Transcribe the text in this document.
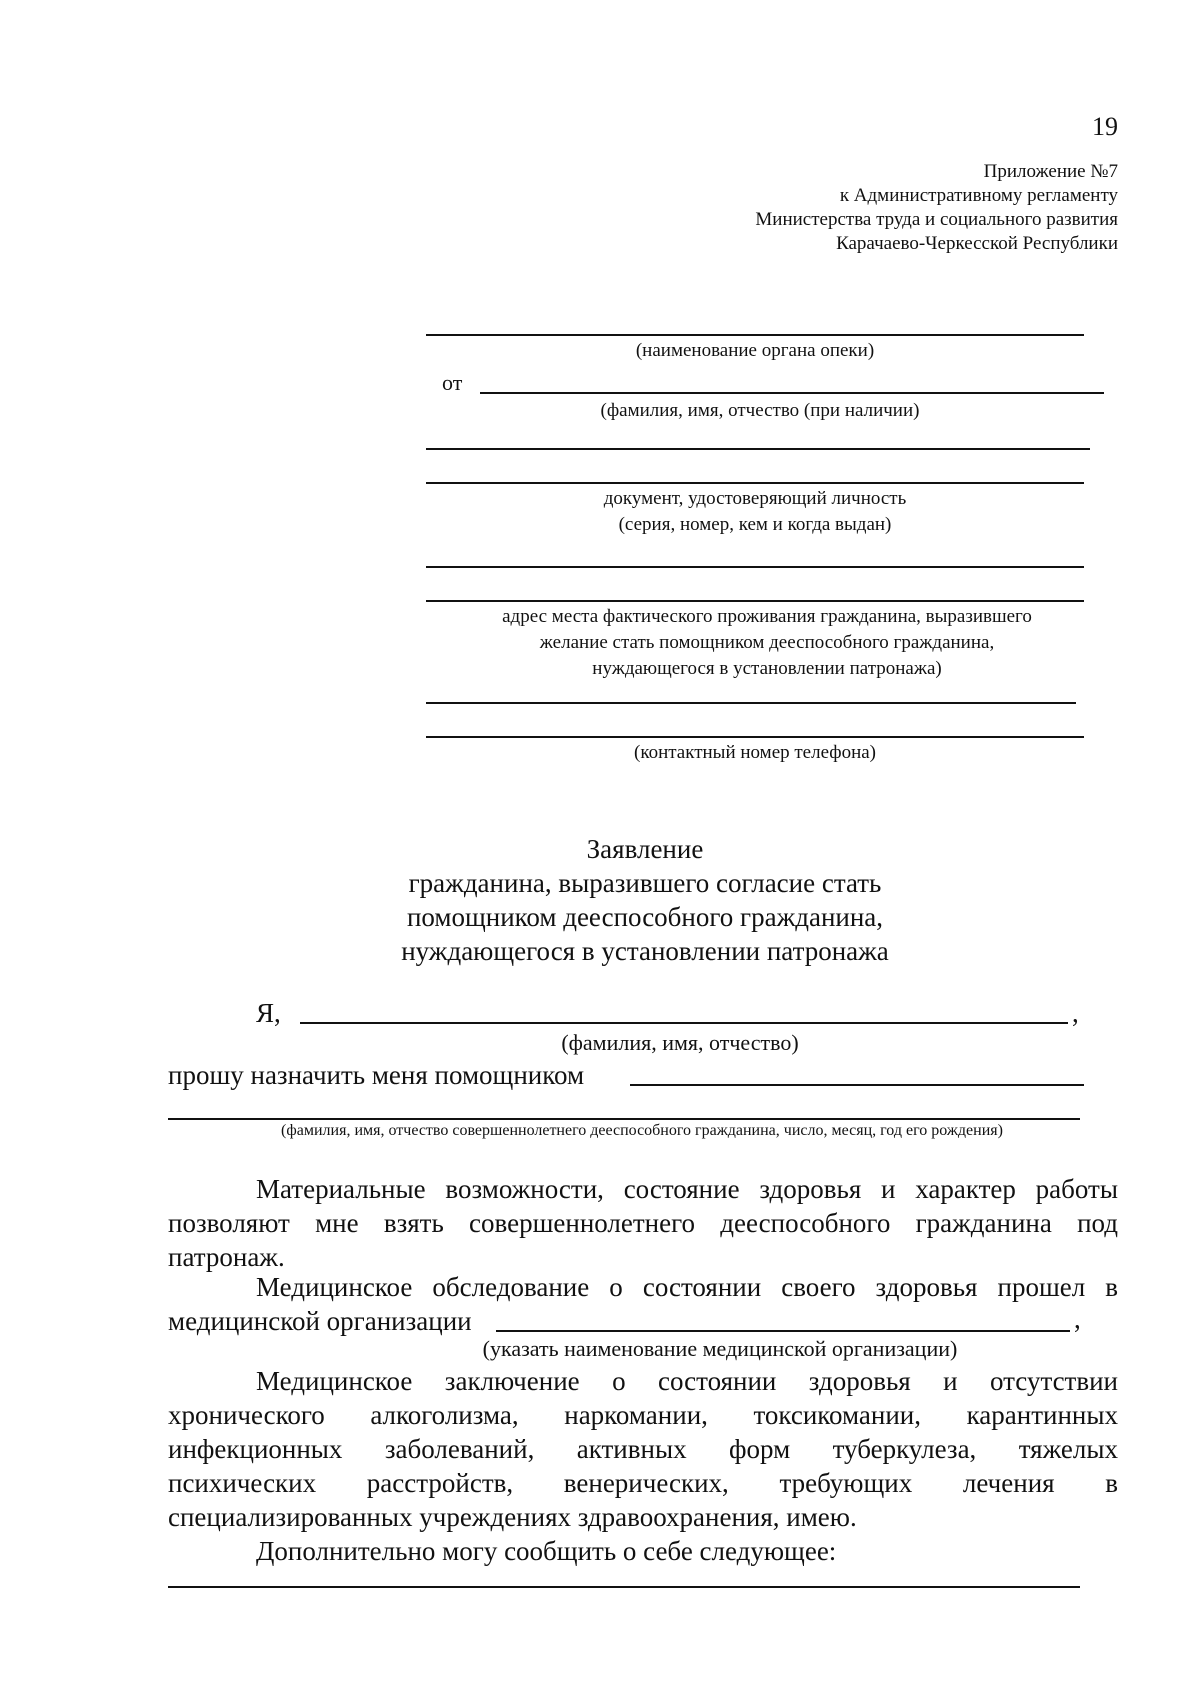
19
Приложение №7
к Административному регламенту
Министерства труда и социального развития
Карачаево-Черкесской Республики
(наименование органа опеки)
от
(фамилия, имя, отчество (при наличии)
документ, удостоверяющий личность
(серия, номер, кем и когда выдан)
адрес места фактического проживания гражданина, выразившего
желание стать помощником дееспособного гражданина,
нуждающегося в установлении патронажа)
(контактный номер телефона)
Заявление
гражданина, выразившего согласие стать
помощником дееспособного гражданина,
нуждающегося в установлении патронажа
Я,	,
(фамилия, имя, отчество)
прошу назначить меня помощником
(фамилия, имя, отчество совершеннолетнего дееспособного гражданина, число, месяц, год его рождения)
Материальные возможности, состояние здоровья и характер работы
позволяют мне взять совершеннолетнего дееспособного гражданина под
патронаж.
Медицинское обследование о состоянии своего здоровья прошел в
медицинской организации	,
(указать наименование медицинской организации)
Медицинское заключение о состоянии здоровья и отсутствии
хронического алкоголизма, наркомании, токсикомании, карантинных
инфекционных заболеваний, активных форм туберкулеза, тяжелых
психических расстройств, венерических, требующих лечения в
специализированных учреждениях здравоохранения, имею.
Дополнительно могу сообщить о себе следующее:
